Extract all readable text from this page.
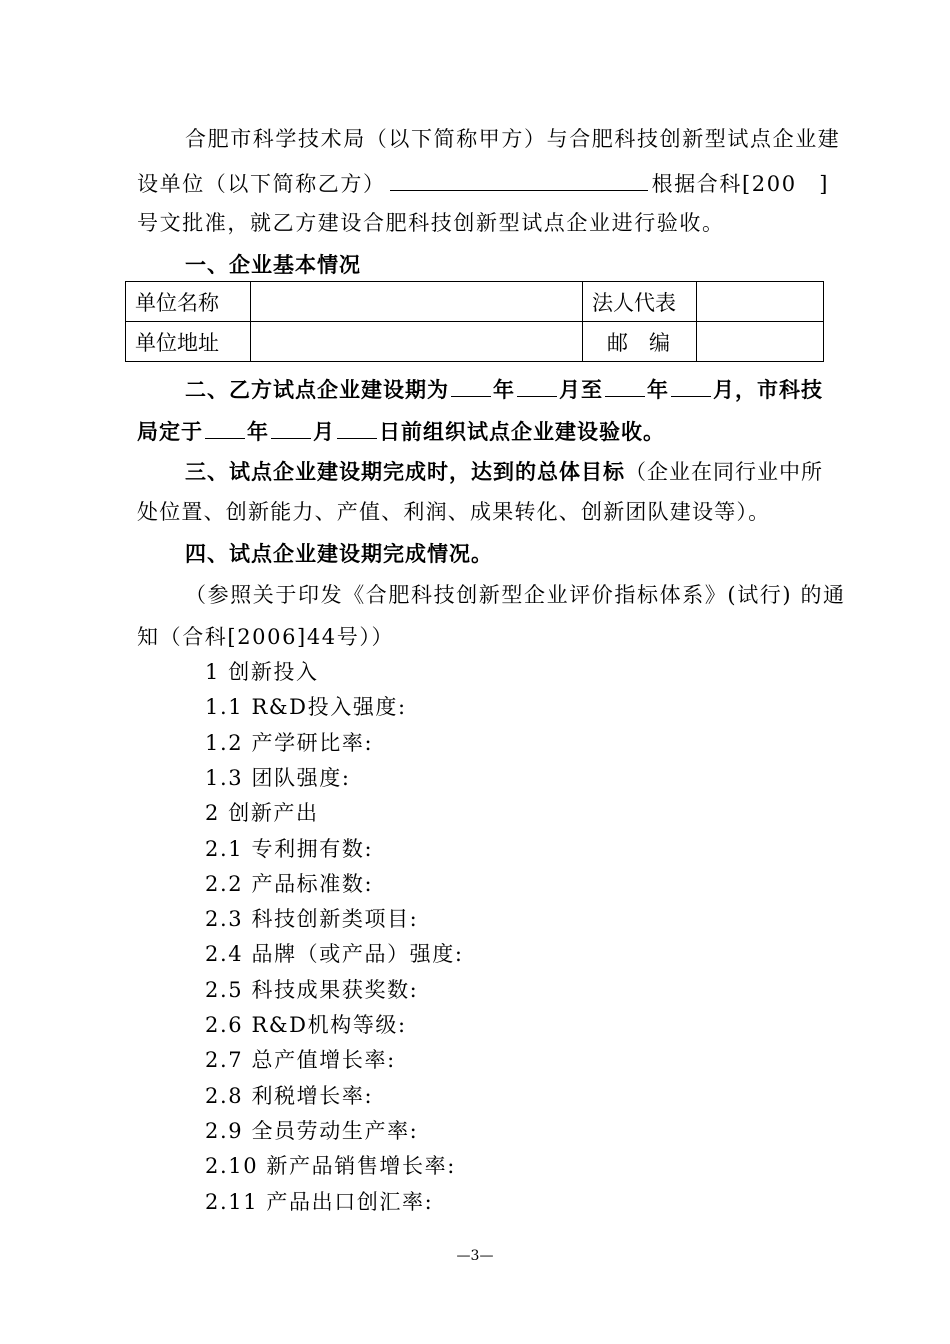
合肥市科学技术局（以下简称甲方）与合肥科技创新型试点企业建
设单位（以下简称乙方）	根据合科[200　]
号文批准，就乙方建设合肥科技创新型试点企业进行验收。
一、企业基本情况
单位名称		法人代表	
单位地址		邮　编	
二、乙方试点企业建设期为 年 月至 年 月，市科技
局定于 年 月 日前组织试点企业建设验收。
三、试点企业建设期完成时，达到的总体目标（企业在同行业中所
处位置、创新能力、产值、利润、成果转化、创新团队建设等）。
四、试点企业建设期完成情况。
（参照关于印发《合肥科技创新型企业评价指标体系》(试行) 的通
知（合科[2006]44号））
1 创新投入
1.1 R&D投入强度:
1.2 产学研比率:
1.3 团队强度:
2 创新产出
2.1 专利拥有数:
2.2 产品标准数:
2.3 科技创新类项目:
2.4 品牌（或产品）强度:
2.5 科技成果获奖数:
2.6 R&D机构等级:
2.7 总产值增长率:
2.8 利税增长率:
2.9 全员劳动生产率:
2.10 新产品销售增长率:
2.11 产品出口创汇率:
—3—
